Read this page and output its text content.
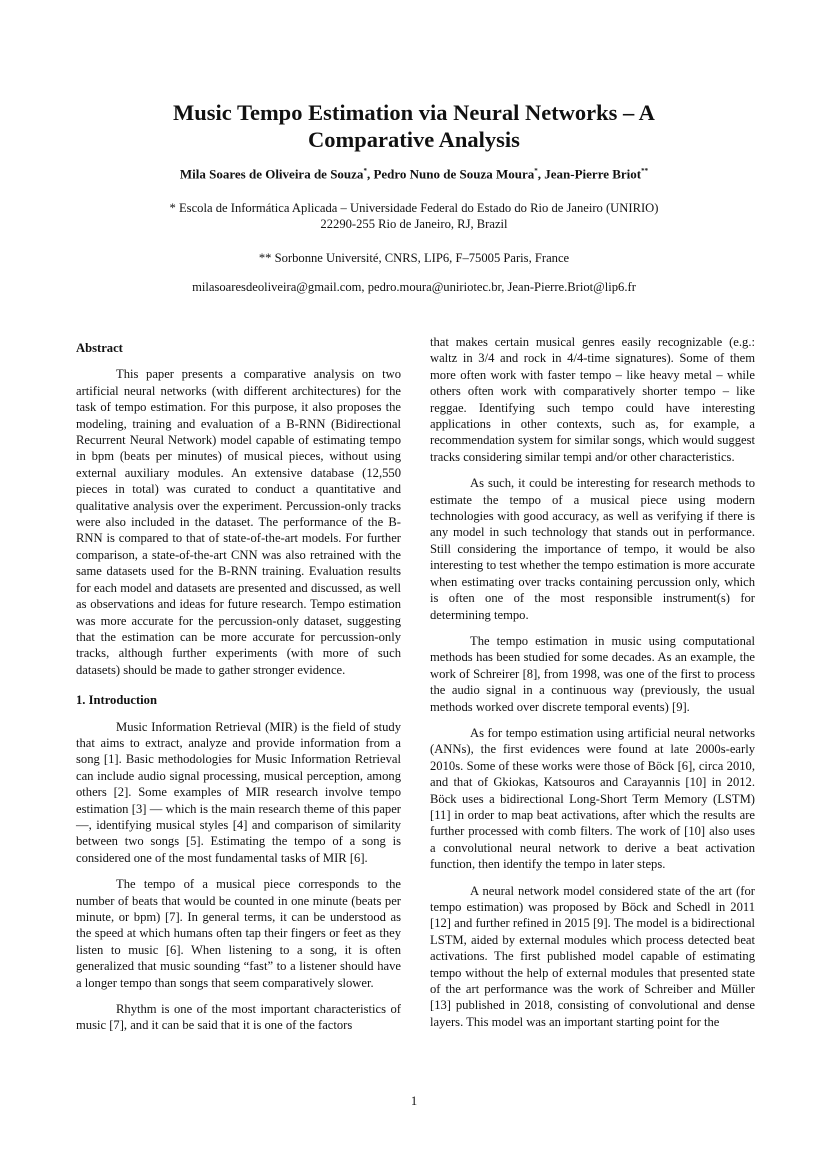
Music Tempo Estimation via Neural Networks – A Comparative Analysis
Mila Soares de Oliveira de Souza*, Pedro Nuno de Souza Moura*, Jean-Pierre Briot**
* Escola de Informática Aplicada – Universidade Federal do Estado do Rio de Janeiro (UNIRIO)
22290-255 Rio de Janeiro, RJ, Brazil
** Sorbonne Université, CNRS, LIP6, F–75005 Paris, France
milasoaresdeoliveira@gmail.com, pedro.moura@uniriotec.br, Jean-Pierre.Briot@lip6.fr
Abstract

This paper presents a comparative analysis on two artificial neural networks (with different architectures) for the task of tempo estimation. For this purpose, it also proposes the modeling, training and evaluation of a B-RNN (Bidirectional Recurrent Neural Network) model capable of estimating tempo in bpm (beats per minutes) of musical pieces, without using external auxiliary modules. An extensive database (12,550 pieces in total) was curated to conduct a quantitative and qualitative analysis over the experiment. Percussion-only tracks were also included in the dataset. The performance of the B-RNN is compared to that of state-of-the-art models. For further comparison, a state-of-the-art CNN was also retrained with the same datasets used for the B-RNN training. Evaluation results for each model and datasets are presented and discussed, as well as observations and ideas for future research. Tempo estimation was more accurate for the percussion-only dataset, suggesting that the estimation can be more accurate for percussion-only tracks, although further experiments (with more of such datasets) should be made to gather stronger evidence.

1. Introduction

Music Information Retrieval (MIR) is the field of study that aims to extract, analyze and provide information from a song [1]. Basic methodologies for Music Information Retrieval can include audio signal processing, musical perception, among others [2]. Some examples of MIR research involve tempo estimation [3] — which is the main research theme of this paper —, identifying musical styles [4] and comparison of similarity between two songs [5]. Estimating the tempo of a song is considered one of the most fundamental tasks of MIR [6].

The tempo of a musical piece corresponds to the number of beats that would be counted in one minute (beats per minute, or bpm) [7]. In general terms, it can be understood as the speed at which humans often tap their fingers or feet as they listen to music [6]. When listening to a song, it is often generalized that music sounding “fast” to a listener should have a longer tempo than songs that seem comparatively slower.

Rhythm is one of the most important characteristics of music [7], and it can be said that it is one of the factors

that makes certain musical genres easily recognizable (e.g.: waltz in 3/4 and rock in 4/4-time signatures). Some of them more often work with faster tempo – like heavy metal – while others often work with comparatively shorter tempo – like reggae. Identifying such tempo could have interesting applications in other contexts, such as, for example, a recommendation system for similar songs, which would suggest tracks considering similar tempi and/or other characteristics.

As such, it could be interesting for research methods to estimate the tempo of a musical piece using modern technologies with good accuracy, as well as verifying if there is any model in such technology that stands out in performance. Still considering the importance of tempo, it would be also interesting to test whether the tempo estimation is more accurate when estimating over tracks containing percussion only, which is often one of the most responsible instrument(s) for determining tempo.

The tempo estimation in music using computational methods has been studied for some decades. As an example, the work of Schreirer [8], from 1998, was one of the first to process the audio signal in a continuous way (previously, the usual methods worked over discrete temporal events) [9].

As for tempo estimation using artificial neural networks (ANNs), the first evidences were found at late 2000s-early 2010s. Some of these works were those of Böck [6], circa 2010, and that of Gkiokas, Katsouros and Carayannis [10] in 2012. Böck uses a bidirectional Long-Short Term Memory (LSTM) [11] in order to map beat activations, after which the results are further processed with comb filters. The work of [10] also uses a convolutional neural network to derive a beat activation function, then identify the tempo in later steps.

A neural network model considered state of the art (for tempo estimation) was proposed by Böck and Schedl in 2011 [12] and further refined in 2015 [9]. The model is a bidirectional LSTM, aided by external modules which process detected beat activations. The first published model capable of estimating tempo without the help of external modules that presented state of the art performance was the work of Schreiber and Müller [13] published in 2018, consisting of convolutional and dense layers. This model was an important starting point for the

1
